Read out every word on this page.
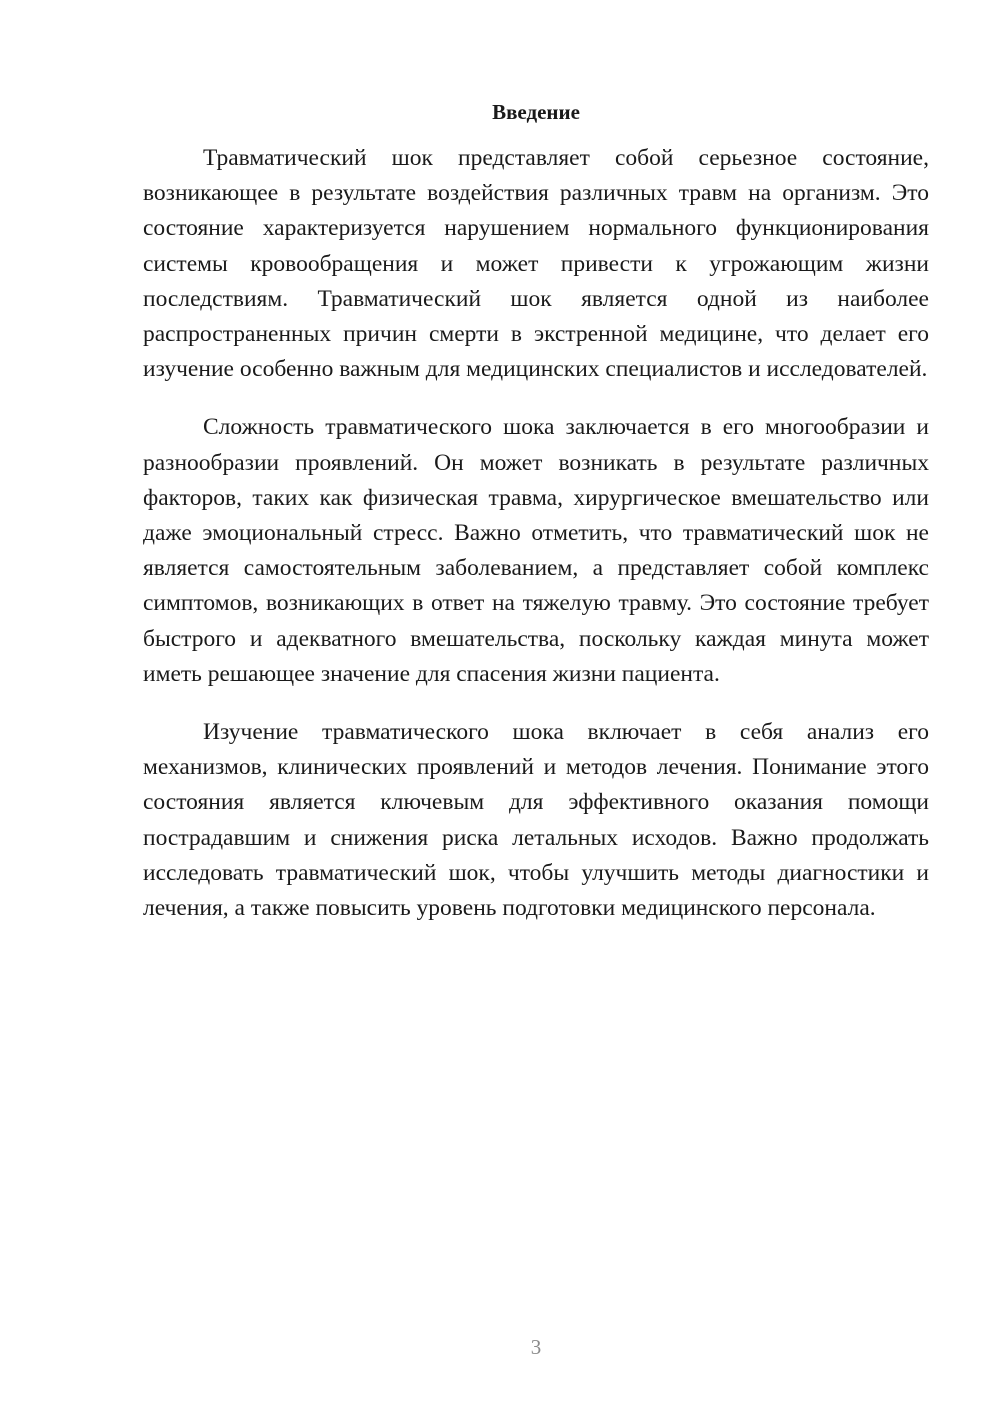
Введение

Травматический шок представляет собой серьезное состояние, возникающее в результате воздействия различных травм на организм. Это состояние характеризуется нарушением нормального функционирования системы кровообращения и может привести к угрожающим жизни последствиям. Травматический шок является одной из наиболее распространенных причин смерти в экстренной медицине, что делает его изучение особенно важным для медицинских специалистов и исследователей.

Сложность травматического шока заключается в его многообразии и разнообразии проявлений. Он может возникать в результате различных факторов, таких как физическая травма, хирургическое вмешательство или даже эмоциональный стресс. Важно отметить, что травматический шок не является самостоятельным заболеванием, а представляет собой комплекс симптомов, возникающих в ответ на тяжелую травму. Это состояние требует быстрого и адекватного вмешательства, поскольку каждая минута может иметь решающее значение для спасения жизни пациента.

Изучение травматического шока включает в себя анализ его механизмов, клинических проявлений и методов лечения. Понимание этого состояния является ключевым для эффективного оказания помощи пострадавшим и снижения риска летальных исходов. Важно продолжать исследовать травматический шок, чтобы улучшить методы диагностики и лечения, а также повысить уровень подготовки медицинского персонала.

3
